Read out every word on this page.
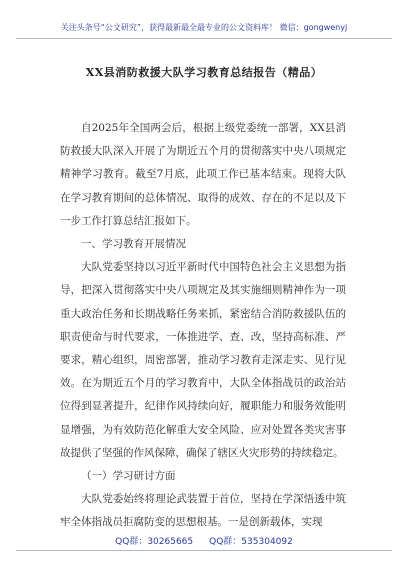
关注头条号“公文研究”，获得最新最全最专业的公文资料库！ 微信：gongwenyj
XX县消防救援大队学习教育总结报告（精品）

自2025年全国两会后，根据上级党委统一部署，XX县消防救援大队深入开展了为期近五个月的贯彻落实中央八项规定精神学习教育。截至7月底，此项工作已基本结束。现将大队在学习教育期间的总体情况、取得的成效、存在的不足以及下一步工作打算总结汇报如下。

一、学习教育开展情况

大队党委坚持以习近平新时代中国特色社会主义思想为指导，把深入贯彻落实中央八项规定及其实施细则精神作为一项重大政治任务和长期战略任务来抓，紧密结合消防救援队伍的职责使命与时代要求，一体推进学、查、改，坚持高标准、严要求，精心组织，周密部署，推动学习教育走深走实、见行见效。在为期近五个月的学习教育中，大队全体指战员的政治站位得到显著提升，纪律作风持续向好，履职能力和服务效能明显增强，为有效防范化解重大安全风险、应对处置各类灾害事故提供了坚强的作风保障，确保了辖区火灾形势的持续稳定。

（一）学习研讨方面

大队党委始终将理论武装置于首位，坚持在学深悟透中筑牢全体指战员拒腐防变的思想根基。一是创新载体，实现

QQ群：30265665 QQ群：535304092
